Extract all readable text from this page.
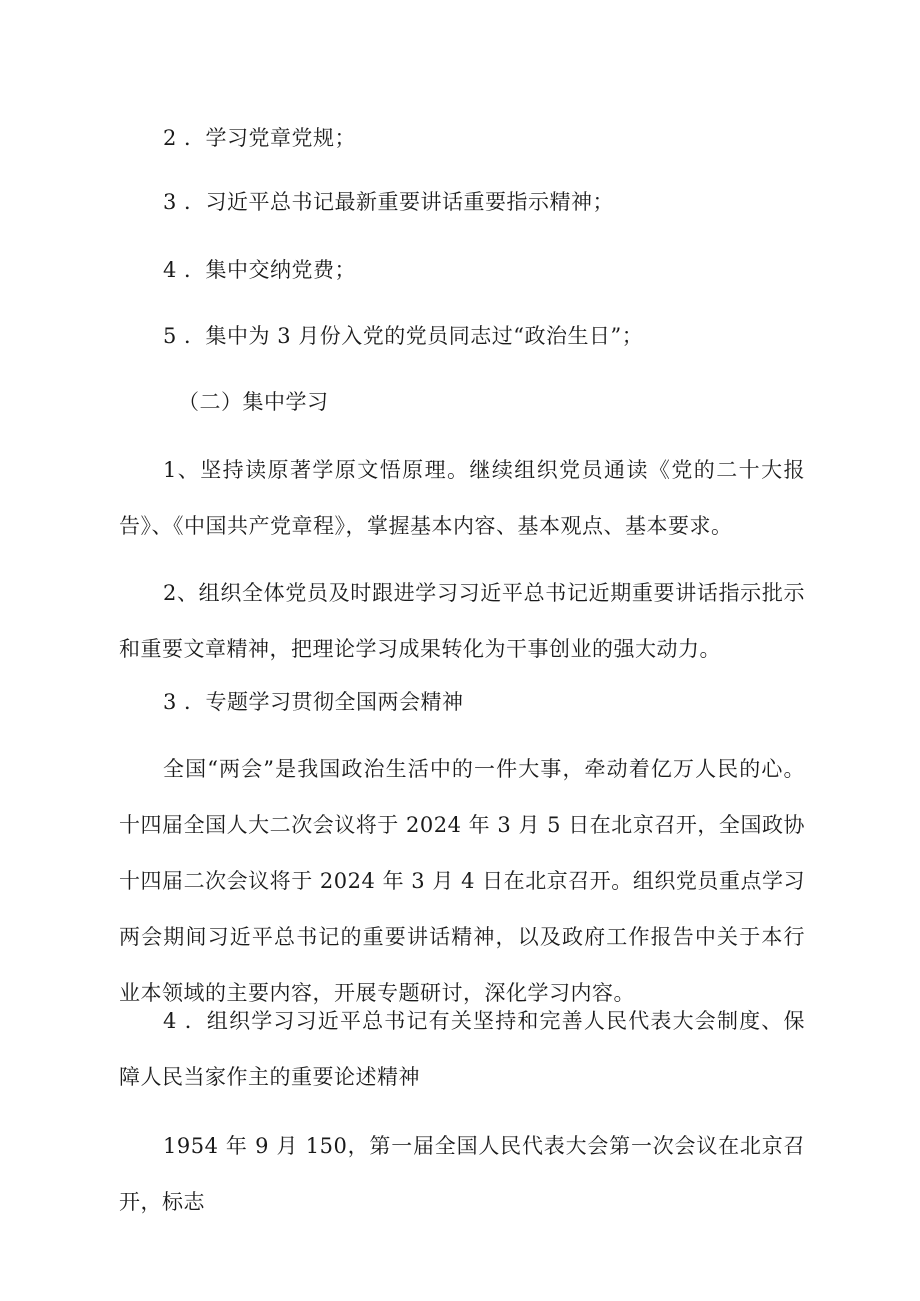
2 ．学习党章党规；
3 ．习近平总书记最新重要讲话重要指示精神；
4 ．集中交纳党费；
5 ．集中为 3 月份入党的党员同志过“政治生日”；
（二）集中学习
1、坚持读原著学原文悟原理。继续组织党员通读《党的二十大报告》、《中国共产党章程》，掌握基本内容、基本观点、基本要求。
2、组织全体党员及时跟进学习习近平总书记近期重要讲话指示批示和重要文章精神，把理论学习成果转化为干事创业的强大动力。
3 ．专题学习贯彻全国两会精神
全国“两会”是我国政治生活中的一件大事，牵动着亿万人民的心。十四届全国人大二次会议将于 2024 年 3 月 5 日在北京召开，全国政协十四届二次会议将于 2024 年 3 月 4 日在北京召开。组织党员重点学习两会期间习近平总书记的重要讲话精神，以及政府工作报告中关于本行业本领域的主要内容，开展专题研讨，深化学习内容。
4 ．组织学习习近平总书记有关坚持和完善人民代表大会制度、保障人民当家作主的重要论述精神
1954 年 9 月 150，第一届全国人民代表大会第一次会议在北京召开，标志
